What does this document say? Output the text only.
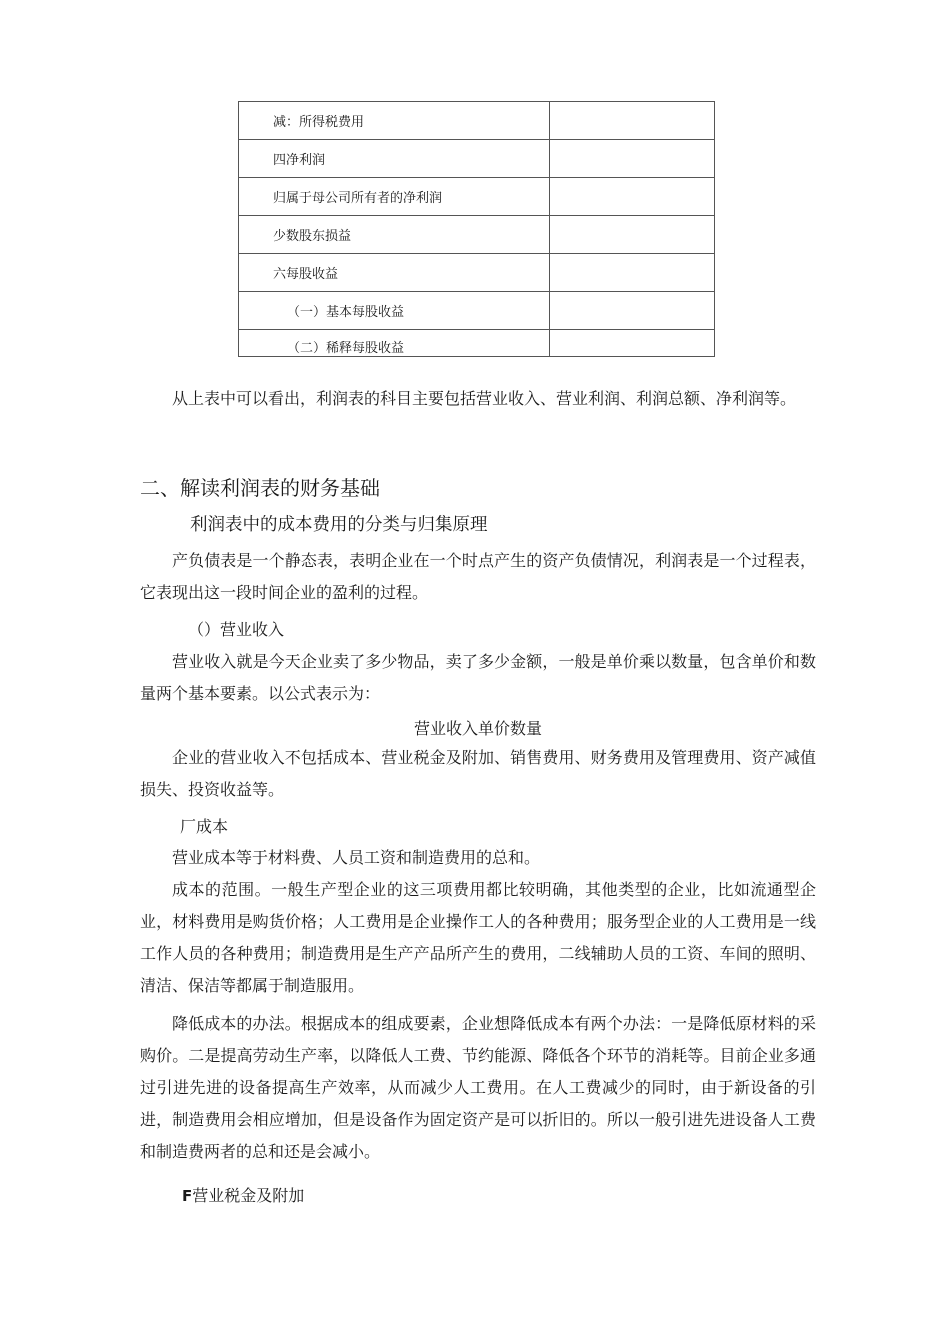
减：所得税费用	
四净利润	
归属于母公司所有者的净利润	
少数股东损益	
六每股收益	
（一）基本每股收益	

（二）稀释每股收益	

从上表中可以看出，利润表的科目主要包括营业收入、营业利润、利润总额、净利润等。
二、解读利润表的财务基础
利润表中的成本费用的分类与归集原理
产负债表是一个静态表，表明企业在一个时点产生的资产负债情况，利润表是一个过程表，它表现出这一段时间企业的盈利的过程。
（）营业收入
营业收入就是今天企业卖了多少物品，卖了多少金额，一般是单价乘以数量，包含单价和数量两个基本要素。以公式表示为：
营业收入单价数量
企业的营业收入不包括成本、营业税金及附加、销售费用、财务费用及管理费用、资产减值损失、投资收益等。
厂成本
营业成本等于材料费、人员工资和制造费用的总和。
成本的范围。一般生产型企业的这三项费用都比较明确，其他类型的企业，比如流通型企业，材料费用是购货价格；人工费用是企业操作工人的各种费用；服务型企业的人工费用是一线工作人员的各种费用；制造费用是生产产品所产生的费用，二线辅助人员的工资、车间的照明、清洁、保洁等都属于制造服用。
降低成本的办法。根据成本的组成要素，企业想降低成本有两个办法：一是降低原材料的采购价。二是提高劳动生产率，以降低人工费、节约能源、降低各个环节的消耗等。目前企业多通过引进先进的设备提高生产效率，从而减少人工费用。在人工费减少的同时，由于新设备的引进，制造费用会相应增加，但是设备作为固定资产是可以折旧的。所以一般引进先进设备人工费和制造费两者的总和还是会减小。
F营业税金及附加
